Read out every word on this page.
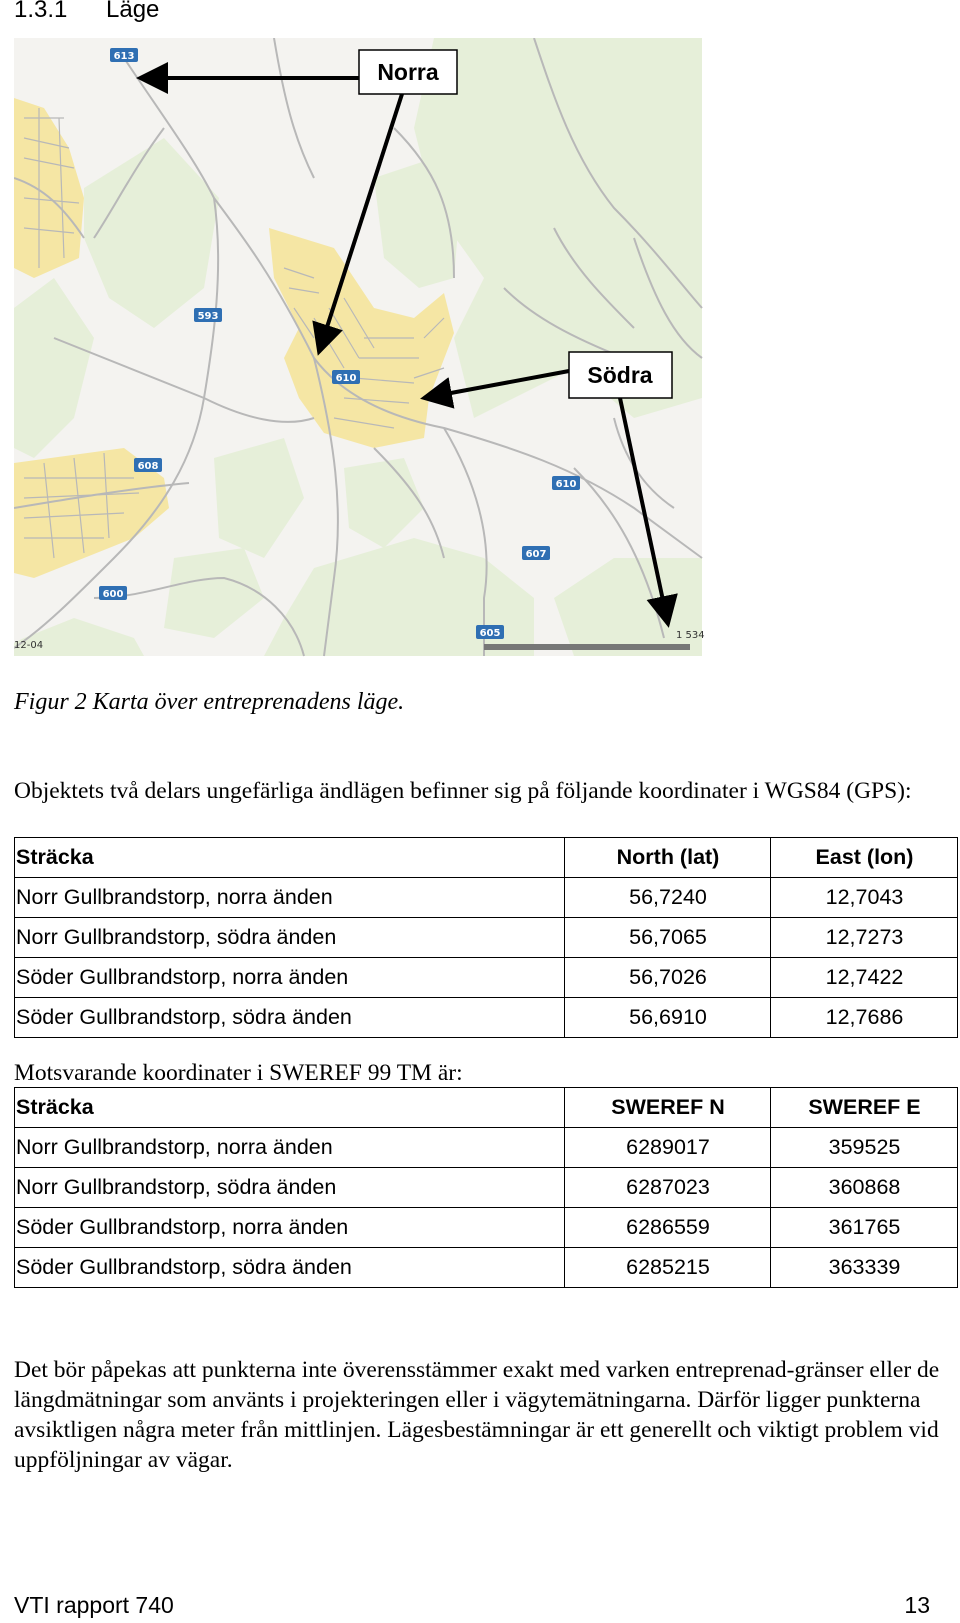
1.3.1 Läge
613
593
610
608
610
607
600
605
12-04
1 534
Norra
Södra
Figur 2 Karta över entreprenadens läge.
Objektets två delars ungefärliga ändlägen befinner sig på följande koordinater i WGS84 (GPS):
Sträcka	North (lat)	East (lon)
Norr Gullbrandstorp, norra änden	56,7240	12,7043
Norr Gullbrandstorp, södra änden	56,7065	12,7273
Söder Gullbrandstorp, norra änden	56,7026	12,7422
Söder Gullbrandstorp, södra änden	56,6910	12,7686
Motsvarande koordinater i SWEREF 99 TM är:
Sträcka	SWEREF N	SWEREF E
Norr Gullbrandstorp, norra änden	6289017	359525
Norr Gullbrandstorp, södra änden	6287023	360868
Söder Gullbrandstorp, norra änden	6286559	361765
Söder Gullbrandstorp, södra änden	6285215	363339
Det bör påpekas att punkterna inte överensstämmer exakt med varken entreprenad-gränser eller de längdmätningar som använts i projekteringen eller i vägytemätningarna. Därför ligger punkterna avsiktligen några meter från mittlinjen. Lägesbestämningar är ett generellt och viktigt problem vid uppföljningar av vägar.
VTI rapport 740	13
